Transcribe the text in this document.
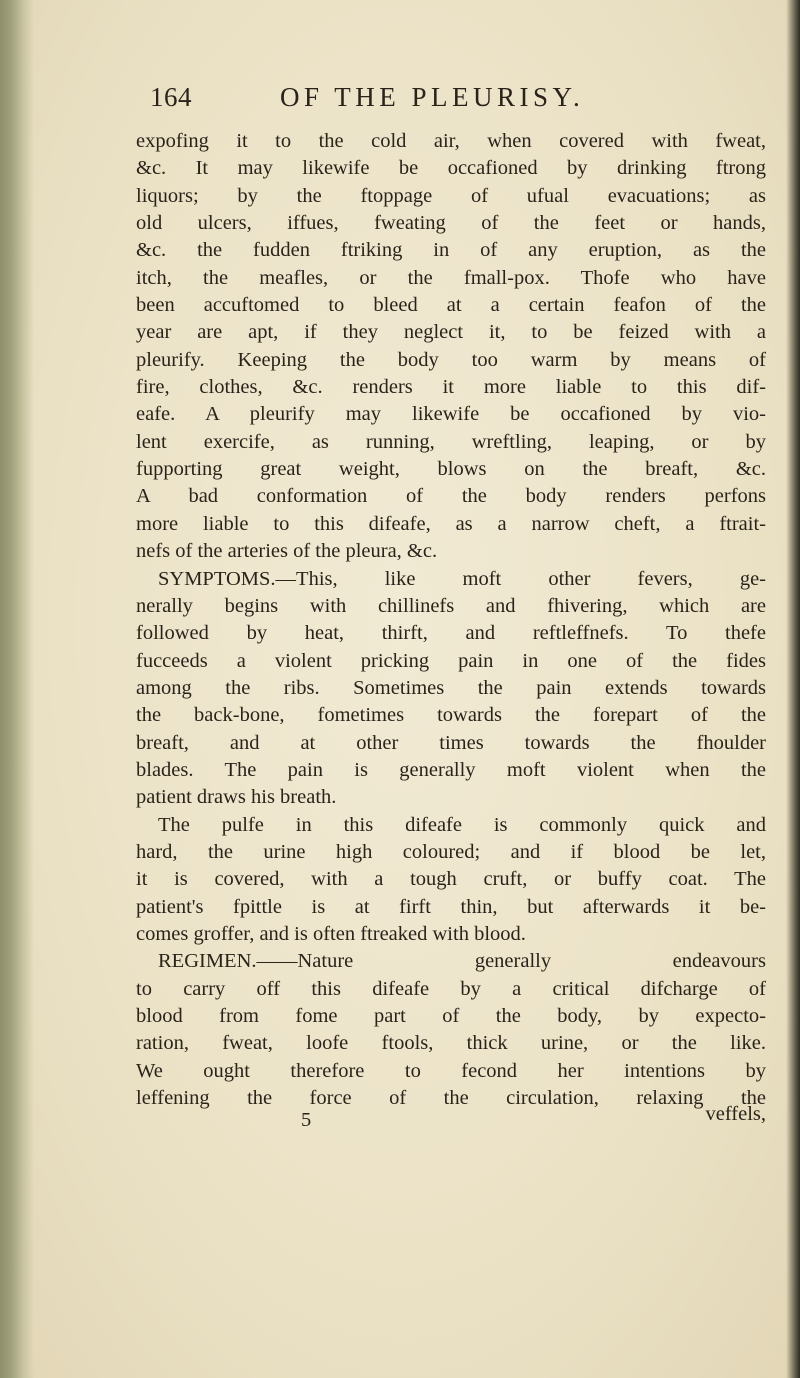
164	OF THE PLEURISY.
expofing it to the cold air, when covered with fweat,
&c. It may likewife be occafioned by drinking ftrong
liquors; by the ftoppage of ufual evacuations; as
old ulcers, iffues, fweating of the feet or hands,
&c. the fudden ftriking in of any eruption, as the
itch, the meafles, or the fmall-pox. Thofe who have
been accuftomed to bleed at a certain feafon of the
year are apt, if they neglect it, to be feized with a
pleurify. Keeping the body too warm by means of
fire, clothes, &c. renders it more liable to this dif-
eafe. A pleurify may likewife be occafioned by vio-
lent exercife, as running, wreftling, leaping, or by
fupporting great weight, blows on the breaft, &c.
A bad conformation of the body renders perfons
more liable to this difeafe, as a narrow cheft, a ftrait-
nefs of the arteries of the pleura, &c.
SYMPTOMS.—This, like moft other fevers, ge-
nerally begins with chillinefs and fhivering, which are
followed by heat, thirft, and reftleffnefs. To thefe
fucceeds a violent pricking pain in one of the fides
among the ribs. Sometimes the pain extends towards
the back-bone, fometimes towards the forepart of the
breaft, and at other times towards the fhoulder
blades. The pain is generally moft violent when the
patient draws his breath.
The pulfe in this difeafe is commonly quick and
hard, the urine high coloured; and if blood be let,
it is covered, with a tough cruft, or buffy coat. The
patient's fpittle is at firft thin, but afterwards it be-
comes groffer, and is often ftreaked with blood.
REGIMEN.——Nature generally endeavours
to carry off this difeafe by a critical difcharge of
blood from fome part of the body, by expecto-
ration, fweat, loofe ftools, thick urine, or the like.
We ought therefore to fecond her intentions by
leffening the force of the circulation, relaxing the
5	veffels,
